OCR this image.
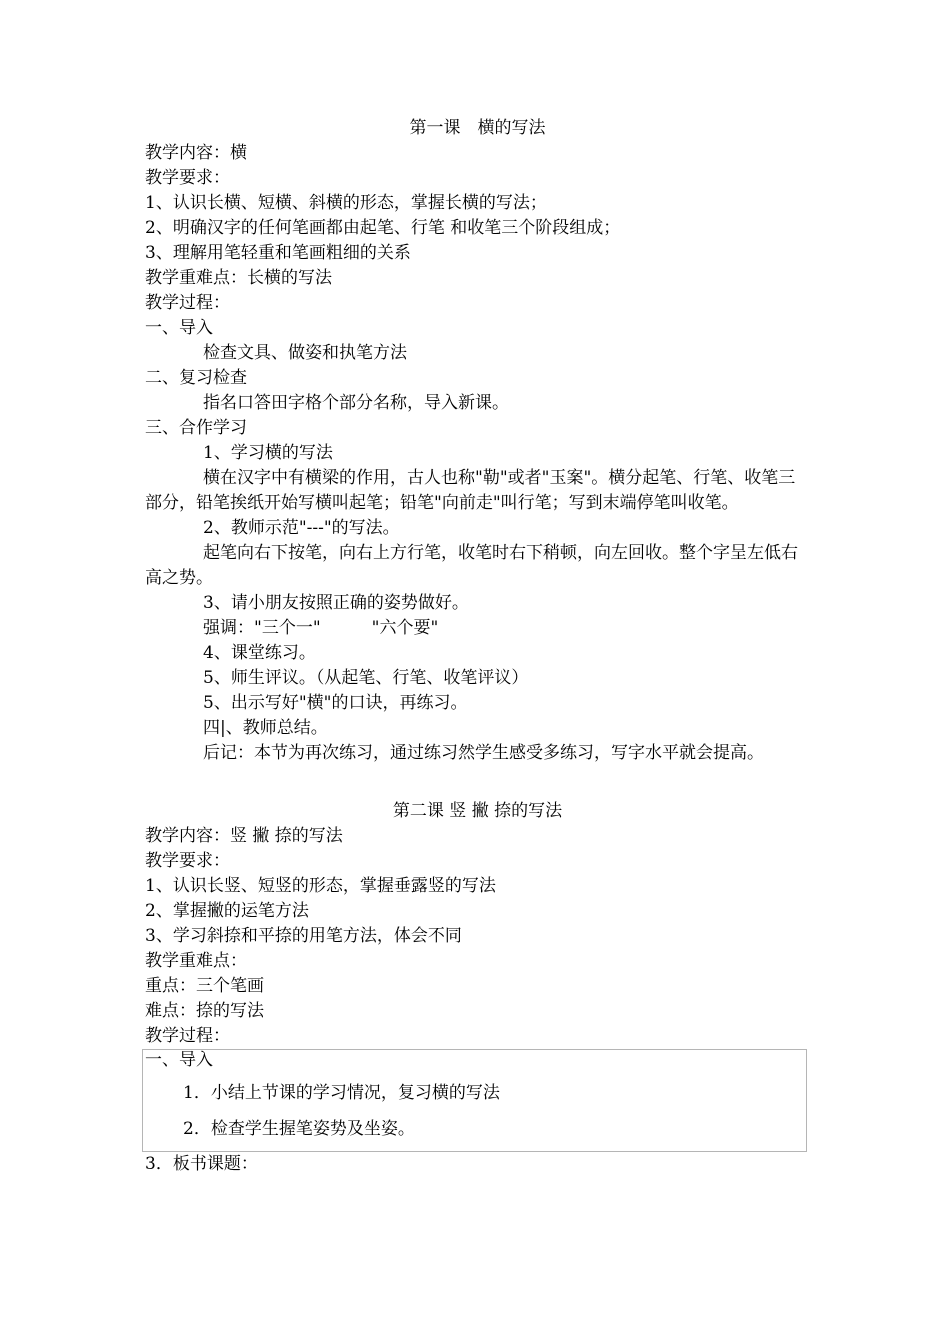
第一课　横的写法
教学内容：横
教学要求：
1、认识长横、短横、斜横的形态，掌握长横的写法；
2、明确汉字的任何笔画都由起笔、行笔 和收笔三个阶段组成；
3、理解用笔轻重和笔画粗细的关系
教学重难点：长横的写法
教学过程：
一、导入
检查文具、做姿和执笔方法
二、复习检查
指名口答田字格个部分名称，导入新课。
三、合作学习
1、学习横的写法
横在汉字中有横梁的作用，古人也称"勒"或者"玉案"。横分起笔、行笔、收笔三部分，铅笔挨纸开始写横叫起笔；铅笔"向前走"叫行笔；写到末端停笔叫收笔。
2、教师示范"---"的写法。
起笔向右下按笔，向右上方行笔，收笔时右下稍顿，向左回收。整个字呈左低右高之势。
3、请小朋友按照正确的姿势做好。
强调："三个一"　　　"六个要"
4、课堂练习。
5、师生评议。（从起笔、行笔、收笔评议）
5、出示写好"横"的口诀，再练习。
四|、教师总结。
后记：本节为再次练习，通过练习然学生感受多练习，写字水平就会提高。
第二课 竖 撇 捺的写法
教学内容：竖 撇 捺的写法
教学要求：
1、认识长竖、短竖的形态，掌握垂露竖的写法
2、掌握撇的运笔方法
3、学习斜捺和平捺的用笔方法，体会不同
教学重难点：
重点：三个笔画
难点：捺的写法
教学过程：
一、导入
1．小结上节课的学习情况，复习横的写法
2．检查学生握笔姿势及坐姿。
3．板书课题：
